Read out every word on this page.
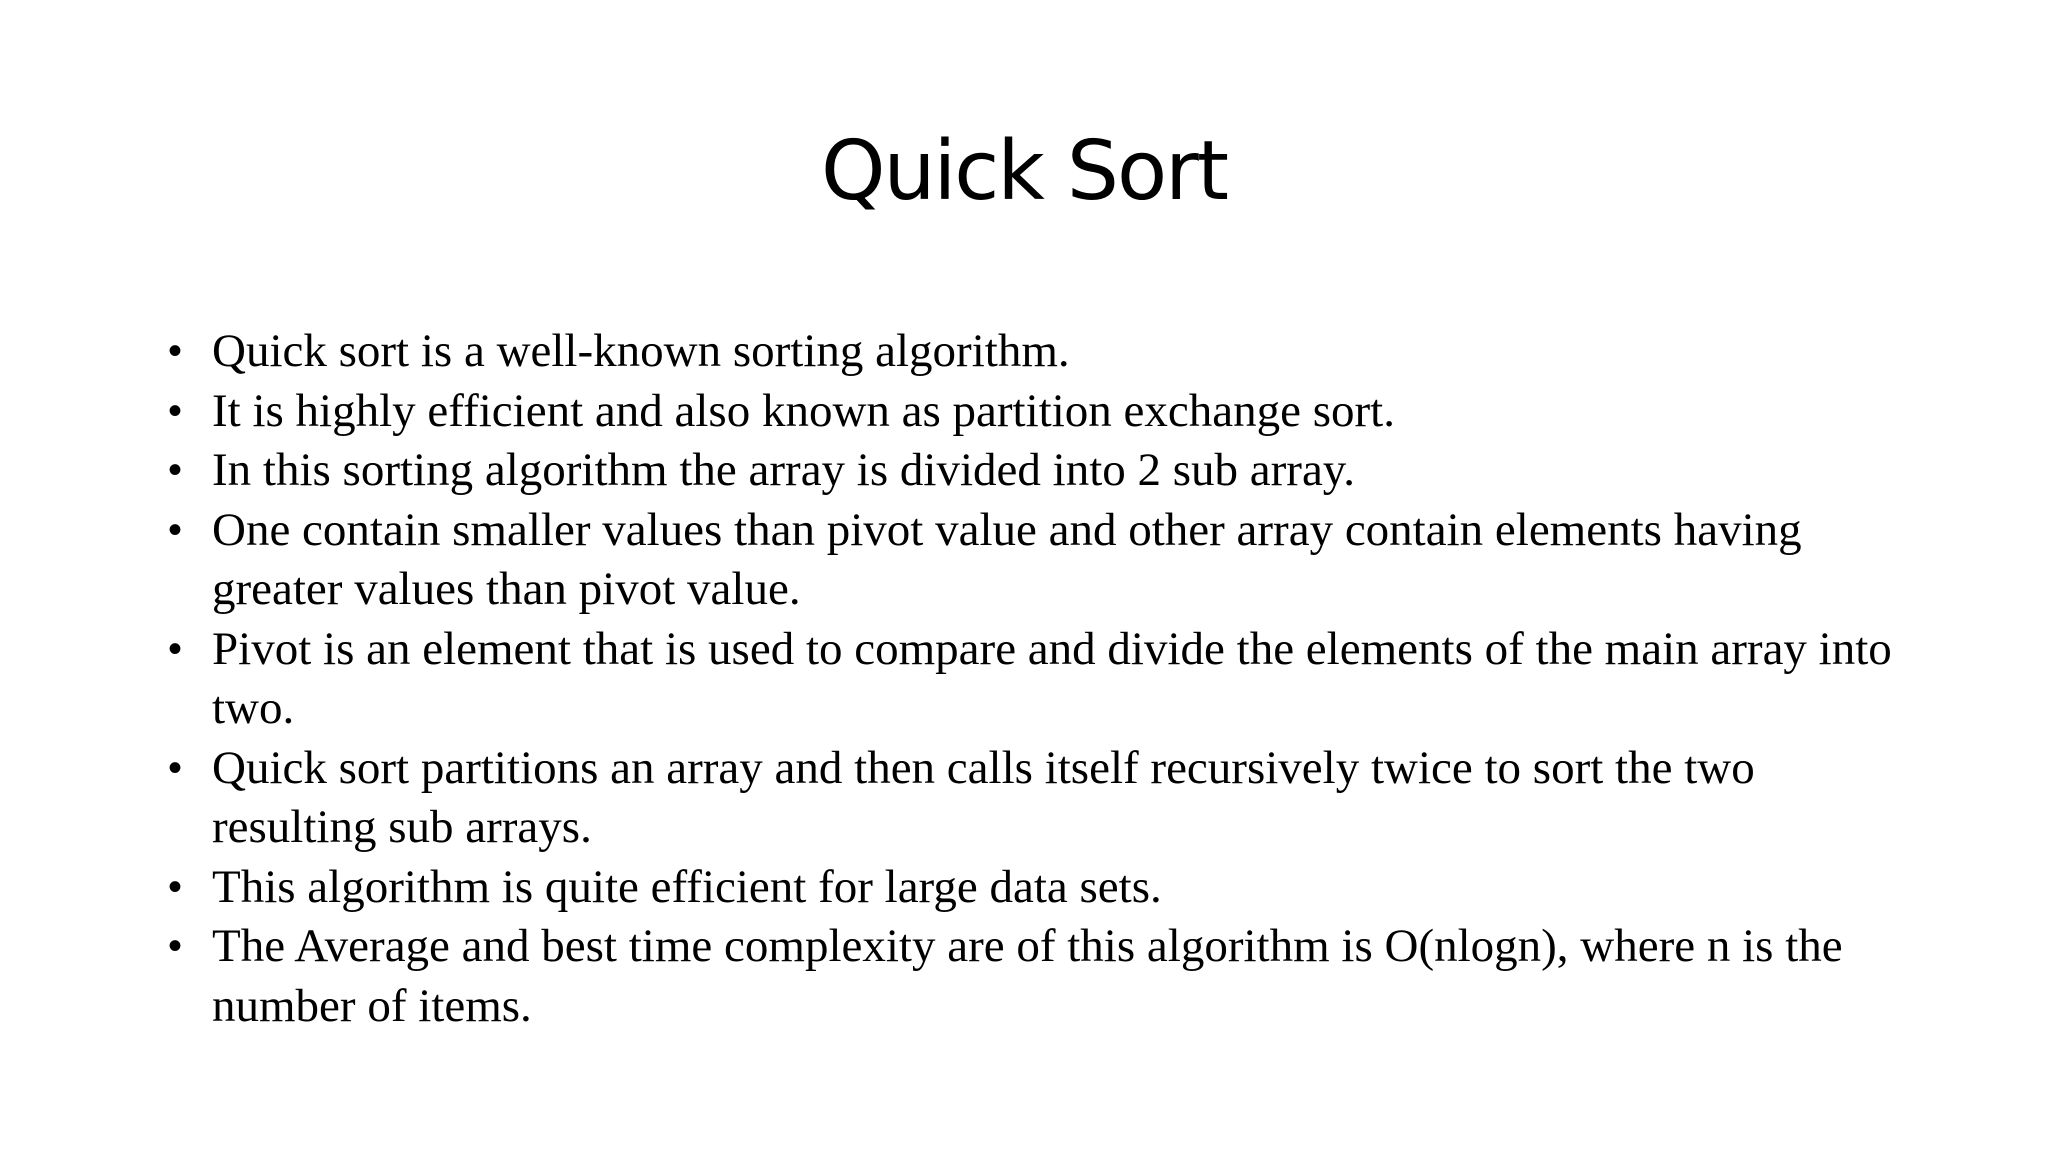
Quick Sort
• Quick sort is a well-known sorting algorithm.
• It is highly efficient and also known as partition exchange sort.
• In this sorting algorithm the array is divided into 2 sub array.
• One contain smaller values than pivot value and other array contain elements having greater values than pivot value.
• Pivot is an element that is used to compare and divide the elements of the main array into two.
• Quick sort partitions an array and then calls itself recursively twice to sort the two resulting sub arrays.
• This algorithm is quite efficient for large data sets.
• The Average and best time complexity are of this algorithm is O(nlogn), where n is the number of items.
